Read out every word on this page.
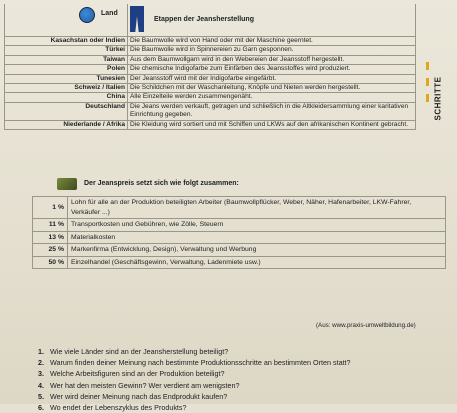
Land	Etappen der Jeansherstellung

Kasachstan oder Indien	Die Baumwolle wird von Hand oder mit der Maschine geerntet.
Türkei	Die Baumwolle wird in Spinnereien zu Garn gesponnen.
Taiwan	Aus dem Baumwollgarn wird in den Webereien der Jeansstoff hergestellt.
Polen	Die chemische Indigofarbe zum Einfärben des Jeansstoffes wird produziert.
Tunesien	Der Jeansstoff wird mit der Indigofarbe eingefärbt.
Schweiz / Italien	Die Schildchen mit der Waschanleitung, Knöpfe und Nieten werden hergestellt.
China	Alle Einzelteile werden zusammengenäht.
Deutschland	Die Jeans werden verkauft, getragen und schließlich in die Altkleidersammlung einer karitativen Einrichtung gegeben.
Niederlande / Afrika	Die Kleidung wird sortiert und mit Schiffen und LKWs auf den afrikanischen Kontinent gebracht.
SCHRITTE
Der Jeanspreis setzt sich wie folgt zusammen:
1 %	Lohn für alle an der Produktion beteiligten Arbeiter (Baumwollpflücker, Weber, Näher, Hafenarbeiter, LKW-Fahrer, Verkäufer ...)
11 %	Transportkosten und Gebühren, wie Zölle, Steuern
13 %	Materialkosten
25 %	Markenfirma (Entwicklung, Design), Verwaltung und Werbung
50 %	Einzelhandel (Geschäftsgewinn, Verwaltung, Ladenmiete usw.)
(Aus: www.praxis-umweltbildung.de)
1. Wie viele Länder sind an der Jeansherstellung beteiligt?
2. Warum finden deiner Meinung nach bestimmte Produktionsschritte an bestimmten Orten statt?
3. Welche Arbeitsfiguren sind an der Produktion beteiligt?
4. Wer hat den meisten Gewinn? Wer verdient am wenigsten?
5. Wer wird deiner Meinung nach das Endprodukt kaufen?
6. Wo endet der Lebenszyklus des Produkts?
